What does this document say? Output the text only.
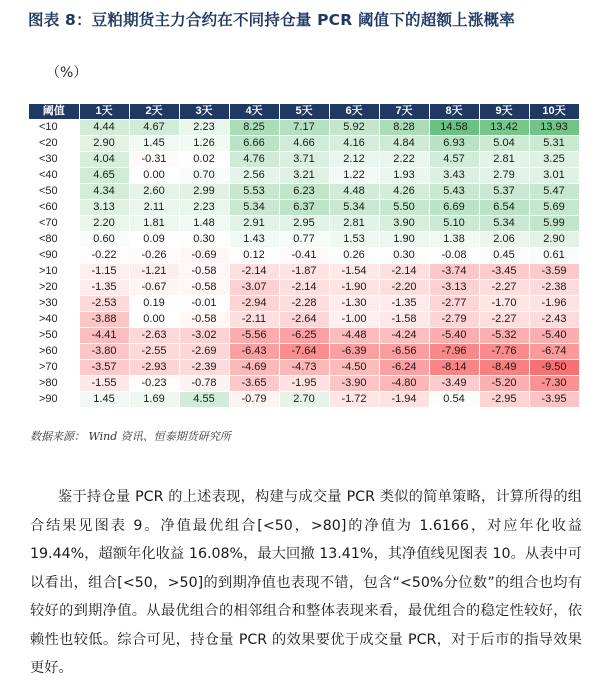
图表 8：豆粕期货主力合约在不同持仓量 PCR 阈值下的超额上涨概率
（%）
阈值	1天	2天	3天	4天	5天	6天	7天	8天	9天	10天
<10	4.44	4.67	2.23	8.25	7.17	5.92	8.28	14.58	13.42	13.93
<20	2.90	1.45	1.26	6.66	4.66	4.16	4.84	6.93	5.04	5.31
<30	4.04	-0.31	0.02	4.76	3.71	2.12	2.22	4.57	2.81	3.25
<40	4.65	0.00	0.70	2.56	3.21	1.22	1.93	3.43	2.79	3.01
<50	4.34	2.60	2.99	5.53	6.23	4.48	4.26	5.43	5.37	5.47
<60	3.13	2.11	2.23	5.34	6.37	5.34	5.50	6.69	6.54	5.69
<70	2.20	1.81	1.48	2.91	2.95	2.81	3.90	5.10	5.34	5.99
<80	0.60	0.09	0.30	1.43	0.77	1.53	1.90	1.38	2.06	2.90
<90	-0.22	-0.26	-0.69	0.12	-0.41	0.26	0.30	-0.08	0.45	0.61
>10	-1.15	-1.21	-0.58	-2.14	-1.87	-1.54	-2.14	-3.74	-3.45	-3.59
>20	-1.35	-0.67	-0.58	-3.07	-2.14	-1.90	-2.20	-3.13	-2.27	-2.38
>30	-2.53	0.19	-0.01	-2.94	-2.28	-1.30	-1.35	-2.77	-1.70	-1.96
>40	-3.88	0.00	-0.58	-2.11	-2.64	-1.00	-1.58	-2.79	-2.27	-2.43
>50	-4.41	-2.63	-3.02	-5.56	-6.25	-4.48	-4.24	-5.40	-5.32	-5.40
>60	-3.80	-2.55	-2.69	-6.43	-7.64	-6.39	-6.56	-7.96	-7.76	-6.74
>70	-3.57	-2.93	-2.39	-4.69	-4.73	-4.50	-6.24	-8.14	-8.49	-9.50
>80	-1.55	-0.23	-0.78	-3.65	-1.95	-3.90	-4.80	-3.49	-5.20	-7.30
>90	1.45	1.69	4.55	-0.79	2.70	-1.72	-1.94	0.54	-2.95	-3.95
数据来源： Wind 资讯、恒泰期货研究所

鉴于持仓量 PCR 的上述表现，构建与成交量 PCR 类似的简单策略，计算所得的组合结果见图表 9。净值最优组合[<50，>80]的净值为 1.6166，对应年化收益 19.44%，超额年化收益 16.08%，最大回撤 13.41%，其净值线见图表 10。从表中可以看出，组合[<50，>50]的到期净值也表现不错，包含“<50%分位数”的组合也均有较好的到期净值。从最优组合的相邻组合和整体表现来看，最优组合的稳定性较好，依赖性也较低。综合可见，持仓量 PCR 的效果要优于成交量 PCR，对于后市的指导效果更好。
